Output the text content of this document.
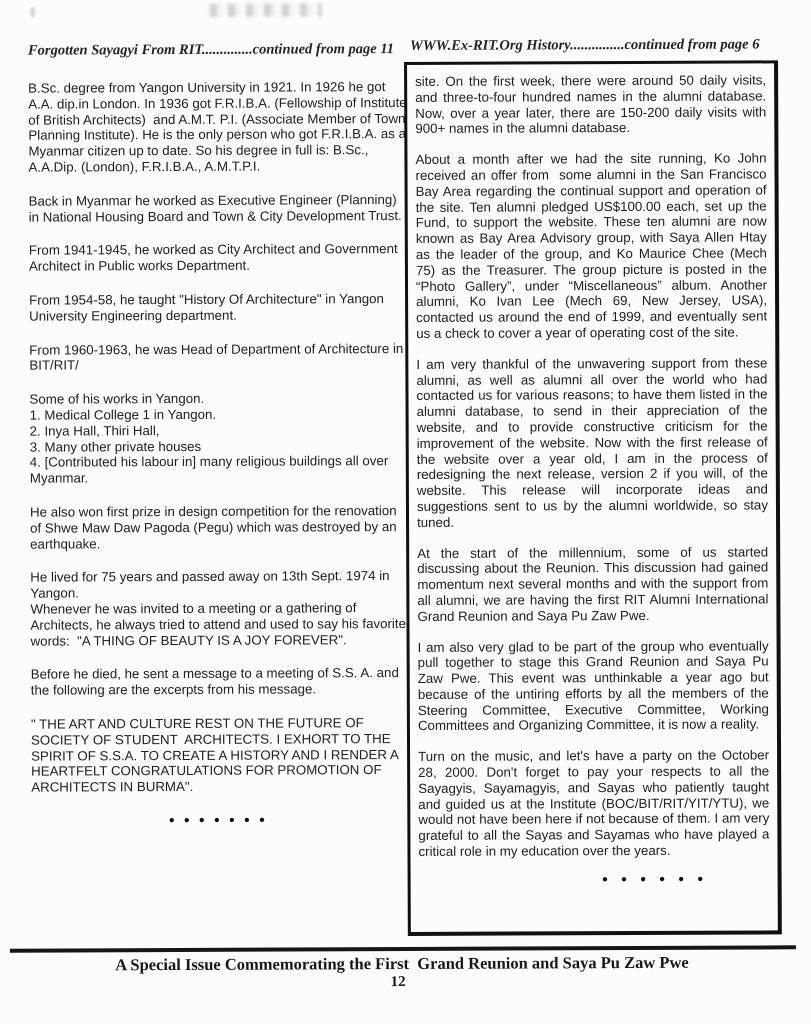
Forgotten Sayagyi From RIT..............continued from page 11 WWW.Ex-RIT.Org History...............continued from page 6

B.Sc. degree from Yangon University in 1921. In 1926 he got A.A. dip.in London. In 1936 got F.R.I.B.A. (Fellowship of Institute of British Architects)  and A.M.T. P.I. (Associate Member of Town Planning Institute). He is the only person who got F.R.I.B.A. as a Myanmar citizen up to date. So his degree in full is: B.Sc., A.A.Dip. (London), F.R.I.B.A., A.M.T.P.I.

Back in Myanmar he worked as Executive Engineer (Planning) in National Housing Board and Town & City Development Trust.

From 1941-1945, he worked as City Architect and Government Architect in Public works Department.

From 1954-58, he taught "History Of Architecture" in Yangon University Engineering department.

From 1960-1963, he was Head of Department of Architecture in BIT/RIT/

Some of his works in Yangon.
1. Medical College 1 in Yangon.
2. Inya Hall, Thiri Hall,
3. Many other private houses
4. [Contributed his labour in] many religious buildings all over Myanmar.

He also won first prize in design competition for the renovation of Shwe Maw Daw Pagoda (Pegu) which was destroyed by an earthquake.

He lived for 75 years and passed away on 13th Sept. 1974 in Yangon.
Whenever he was invited to a meeting or a gathering of Architects, he always tried to attend and used to say his favorite words:  "A THING OF BEAUTY IS A JOY FOREVER".

Before he died, he sent a message to a meeting of S.S. A. and the following are the excerpts from his message.

" THE ART AND CULTURE REST ON THE FUTURE OF SOCIETY OF STUDENT  ARCHITECTS. I EXHORT TO THE SPIRIT OF S.S.A. TO CREATE A HISTORY AND I RENDER A HEARTFELT CONGRATULATIONS FOR PROMOTION OF ARCHITECTS IN BURMA".

●●●●●●●

site. On the first week, there were around 50 daily visits, and three-to-four hundred names in the alumni database. Now, over a year later, there are 150-200 daily visits with 900+ names in the alumni database.

About a month after we had the site running, Ko John received an offer from  some alumni in the San Francisco Bay Area regarding the continual support and operation of the site. Ten alumni pledged US$100.00 each, set up the Fund, to support the website. These ten alumni are now known as Bay Area Advisory group, with Saya Allen Htay as the leader of the group, and Ko Maurice Chee (Mech 75) as the Treasurer. The group picture is posted in the “Photo Gallery”, under “Miscellaneous” album. Another alumni, Ko Ivan Lee (Mech 69, New Jersey, USA), contacted us around the end of 1999, and eventually sent us a check to cover a year of operating cost of the site.

I am very thankful of the unwavering support from these alumni, as well as alumni all over the world who had contacted us for various reasons; to have them listed in the alumni database, to send in their appreciation of the website, and to provide constructive criticism for the improvement of the website. Now with the first release of the website over a year old, I am in the process of redesigning the next release, version 2 if you will, of the website. This release will incorporate ideas and suggestions sent to us by the alumni worldwide, so stay tuned.

At the start of the millennium, some of us started discussing about the Reunion. This discussion had gained momentum next several months and with the support from all alumni, we are having the first RIT Alumni International Grand Reunion and Saya Pu Zaw Pwe.

I am also very glad to be part of the group who eventually pull together to stage this Grand Reunion and Saya Pu Zaw Pwe. This event was unthinkable a year ago but because of the untiring efforts by all the members of the Steering Committee, Executive Committee, Working Committees and Organizing Committee, it is now a reality.

Turn on the music, and let's have a party on the October 28, 2000. Don't forget to pay your respects to all the Sayagyis, Sayamagyis, and Sayas who patiently taught and guided us at the Institute (BOC/BIT/RIT/YIT/YTU), we would not have been here if not because of them. I am very grateful to all the Sayas and Sayamas who have played a critical role in my education over the years.

●●●●●●
A Special Issue Commemorating the First  Grand Reunion and Saya Pu Zaw Pwe
12
